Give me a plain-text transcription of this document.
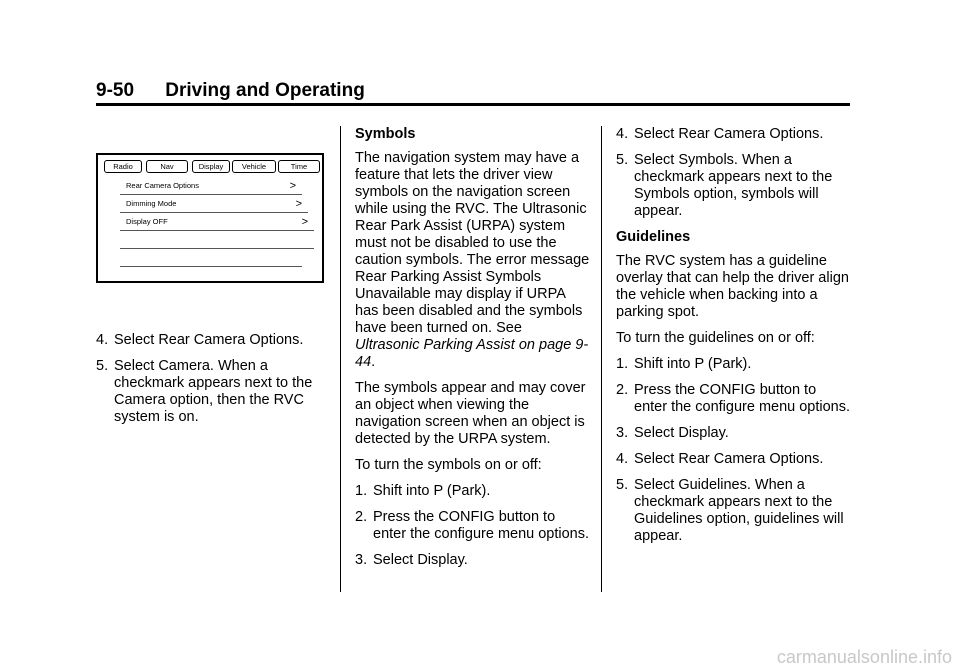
9-50 Driving and Operating
Radio	Nav	Display	Vehicle	Time
Rear Camera Options	>
Dimming Mode	>
Display OFF	>
4. Select Rear Camera Options.
5. Select Camera. When a checkmark appears next to the Camera option, then the RVC system is on.

Symbols

The navigation system may have a feature that lets the driver view symbols on the navigation screen while using the RVC. The Ultrasonic Rear Park Assist (URPA) system must not be disabled to use the caution symbols. The error message Rear Parking Assist Symbols Unavailable may display if URPA has been disabled and the symbols have been turned on. See
Ultrasonic Parking Assist on page 9-44.

The symbols appear and may cover an object when viewing the navigation screen when an object is detected by the URPA system.

To turn the symbols on or off:

1. Shift into P (Park).
2. Press the CONFIG button to enter the configure menu options.
3. Select Display.
4. Select Rear Camera Options.
5. Select Symbols. When a checkmark appears next to the Symbols option, symbols will appear.

Guidelines

The RVC system has a guideline overlay that can help the driver align the vehicle when backing into a parking spot.

To turn the guidelines on or off:

1. Shift into P (Park).
2. Press the CONFIG button to enter the configure menu options.
3. Select Display.
4. Select Rear Camera Options.
5. Select Guidelines. When a checkmark appears next to the Guidelines option, guidelines will appear.
carmanualsonline.info
